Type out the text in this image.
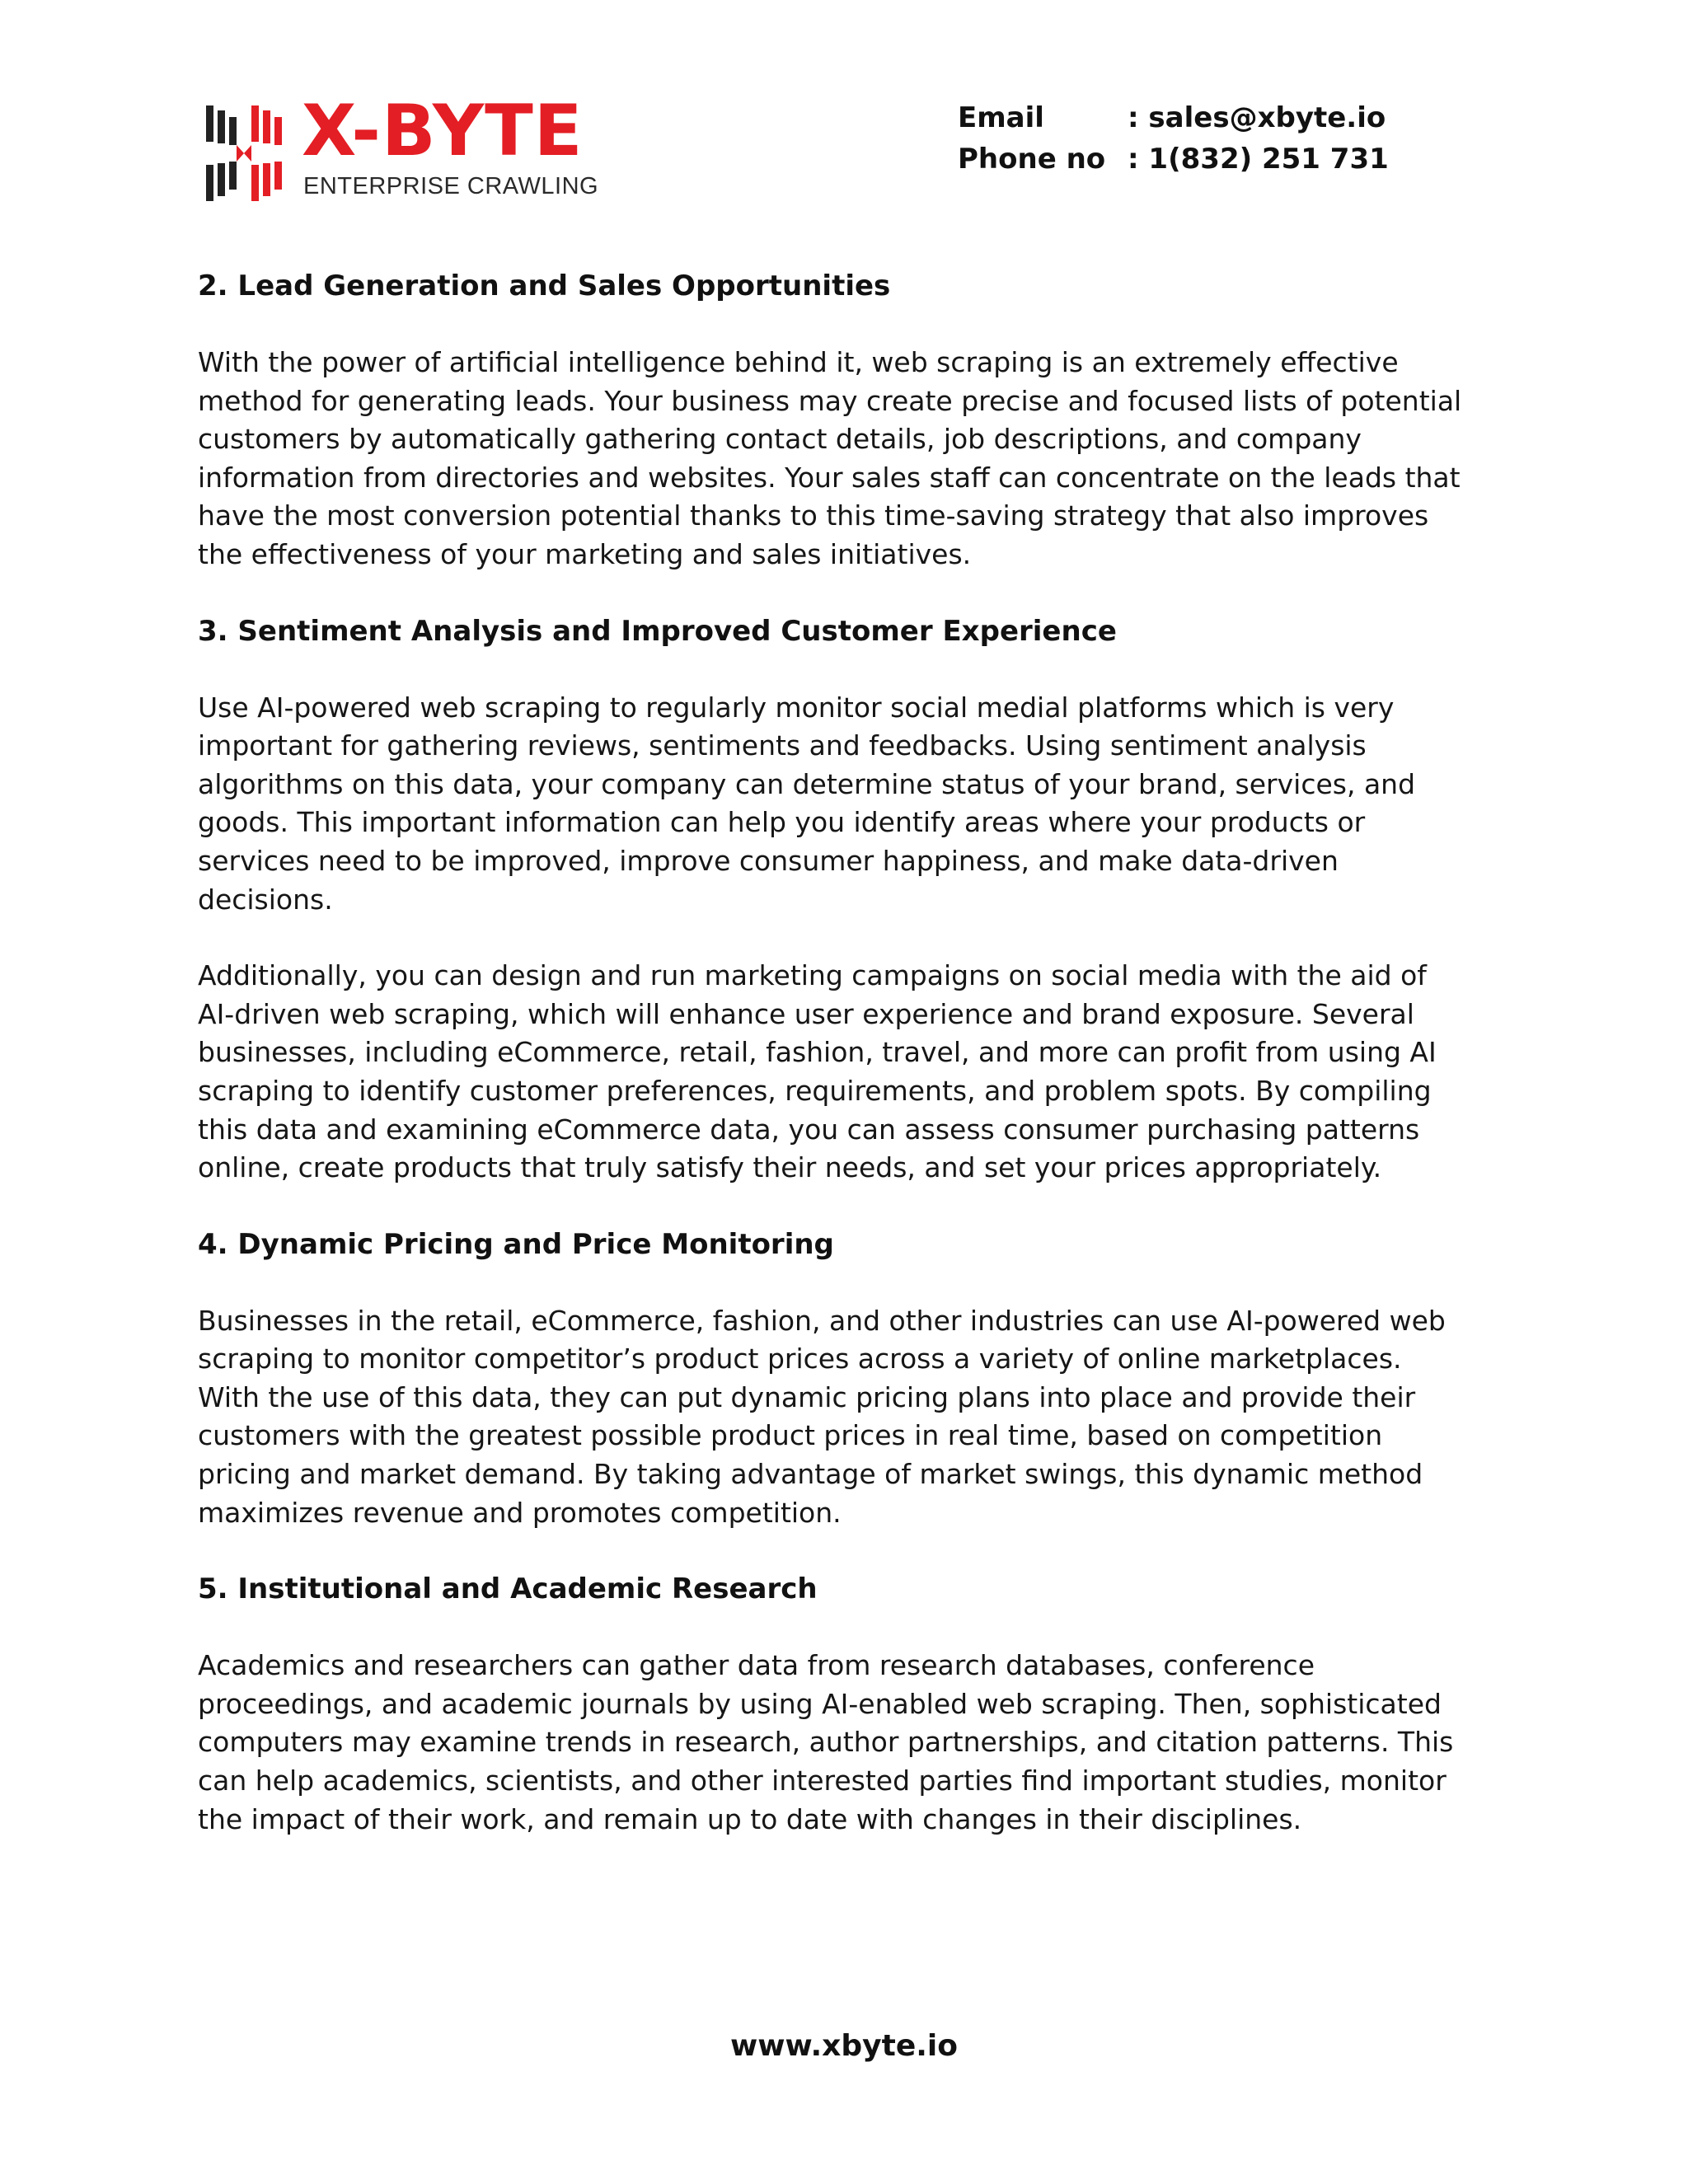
X-BYTE
ENTERPRISE CRAWLING
Email	: sales@xbyte.io
Phone no : 1(832) 251 731
2. Lead Generation and Sales Opportunities

With the power of artificial intelligence behind it, web scraping is an extremely effective
method for generating leads. Your business may create precise and focused lists of potential
customers by automatically gathering contact details, job descriptions, and company
information from directories and websites. Your sales staff can concentrate on the leads that
have the most conversion potential thanks to this time-saving strategy that also improves
the effectiveness of your marketing and sales initiatives.

3. Sentiment Analysis and Improved Customer Experience

Use AI-powered web scraping to regularly monitor social medial platforms which is very
important for gathering reviews, sentiments and feedbacks. Using sentiment analysis
algorithms on this data, your company can determine status of your brand, services, and
goods. This important information can help you identify areas where your products or
services need to be improved, improve consumer happiness, and make data-driven
decisions.

Additionally, you can design and run marketing campaigns on social media with the aid of
AI-driven web scraping, which will enhance user experience and brand exposure. Several
businesses, including eCommerce, retail, fashion, travel, and more can profit from using AI
scraping to identify customer preferences, requirements, and problem spots. By compiling
this data and examining eCommerce data, you can assess consumer purchasing patterns
online, create products that truly satisfy their needs, and set your prices appropriately.

4. Dynamic Pricing and Price Monitoring

Businesses in the retail, eCommerce, fashion, and other industries can use AI-powered web
scraping to monitor competitor’s product prices across a variety of online marketplaces.
With the use of this data, they can put dynamic pricing plans into place and provide their
customers with the greatest possible product prices in real time, based on competition
pricing and market demand. By taking advantage of market swings, this dynamic method
maximizes revenue and promotes competition.

5. Institutional and Academic Research

Academics and researchers can gather data from research databases, conference
proceedings, and academic journals by using AI-enabled web scraping. Then, sophisticated
computers may examine trends in research, author partnerships, and citation patterns. This
can help academics, scientists, and other interested parties find important studies, monitor
the impact of their work, and remain up to date with changes in their disciplines.

www.xbyte.io
